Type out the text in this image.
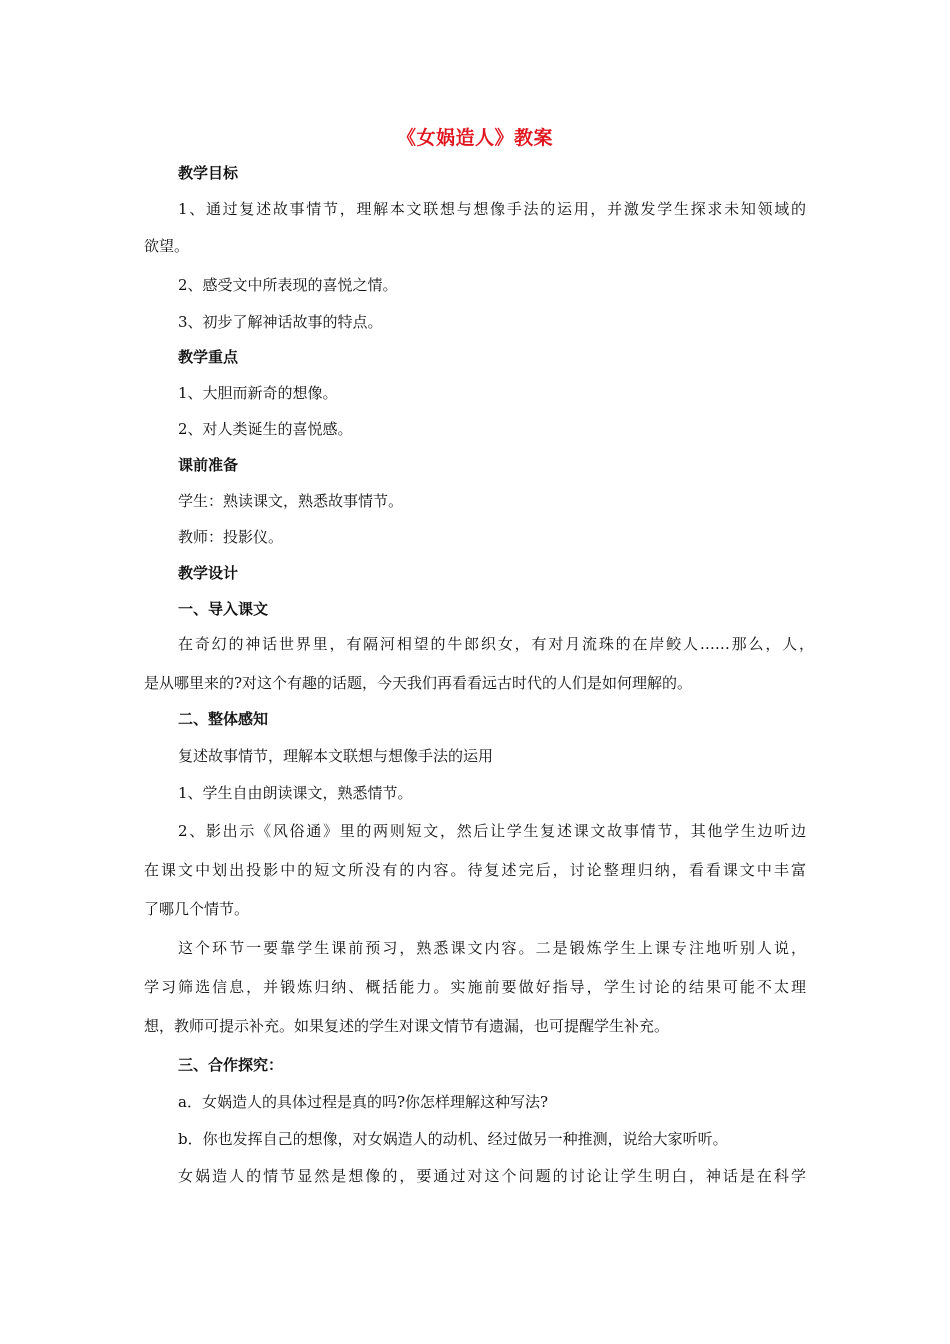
《女娲造人》教案
教学目标
1、通过复述故事情节，理解本文联想与想像手法的运用，并激发学生探求未知领域的
欲望。
2、感受文中所表现的喜悦之情。
3、初步了解神话故事的特点。
教学重点
1、大胆而新奇的想像。
2、对人类诞生的喜悦感。
课前准备
学生：熟读课文，熟悉故事情节。
教师：投影仪。
教学设计
一、导入课文
在奇幻的神话世界里，有隔河相望的牛郎织女，有对月流珠的在岸鲛人……那么，人，
是从哪里来的?对这个有趣的话题，今天我们再看看远古时代的人们是如何理解的。
二、整体感知
复述故事情节，理解本文联想与想像手法的运用
1、学生自由朗读课文，熟悉情节。
2、影出示《风俗通》里的两则短文，然后让学生复述课文故事情节，其他学生边听边
在课文中划出投影中的短文所没有的内容。待复述完后，讨论整理归纳，看看课文中丰富
了哪几个情节。
这个环节一要靠学生课前预习，熟悉课文内容。二是锻炼学生上课专注地听别人说，
学习筛选信息，并锻炼归纳、概括能力。实施前要做好指导，学生讨论的结果可能不太理
想，教师可提示补充。如果复述的学生对课文情节有遗漏，也可提醒学生补充。
三、合作探究：
a．女娲造人的具体过程是真的吗?你怎样理解这种写法?
b．你也发挥自己的想像，对女娲造人的动机、经过做另一种推测，说给大家听听。
女娲造人的情节显然是想像的，要通过对这个问题的讨论让学生明白，神话是在科学
